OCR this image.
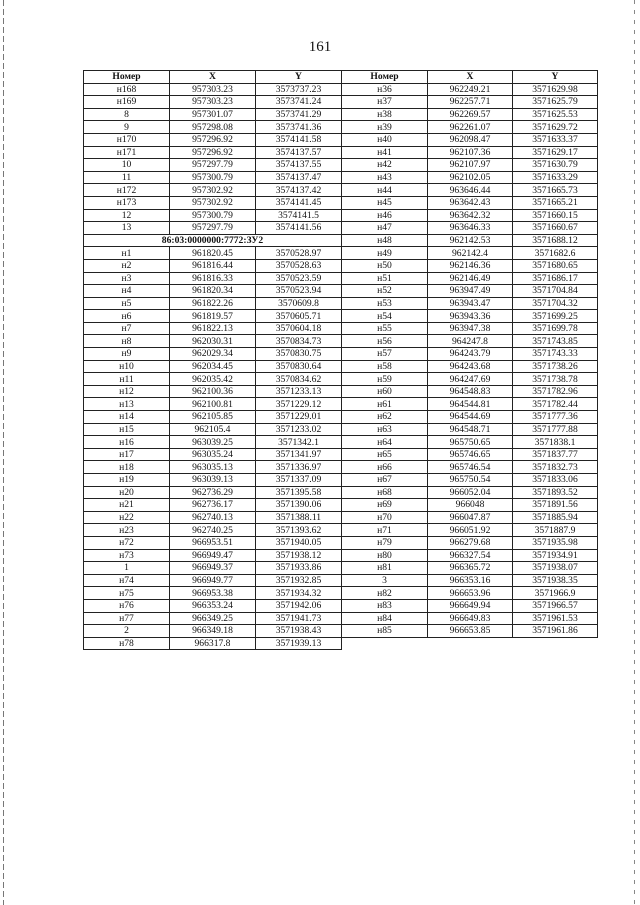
161
Номер	X	Y	Номер	X	Y
н168	957303.23	3573737.23	н36	962249.21	3571629.98
н169	957303.23	3573741.24	н37	962257.71	3571625.79
8	957301.07	3573741.29	н38	962269.57	3571625.53
9	957298.08	3573741.36	н39	962261.07	3571629.72
н170	957296.92	3574141.58	н40	962098.47	3571633.37
н171	957296.92	3574137.57	н41	962107.36	3571629.17
10	957297.79	3574137.55	н42	962107.97	3571630.79
11	957300.79	3574137.47	н43	962102.05	3571633.29
н172	957302.92	3574137.42	н44	963646.44	3571665.73
н173	957302.92	3574141.45	н45	963642.43	3571665.21
12	957300.79	3574141.5	н46	963642.32	3571660.15
13	957297.79	3574141.56	н47	963646.33	3571660.67
86:03:0000000:7772:ЗУ2			н48	962142.53	3571688.12
н1	961820.45	3570528.97	н49	962142.4	3571682.6
н2	961816.44	3570528.63	н50	962146.36	3571680.65
н3	961816.33	3570523.59	н51	962146.49	3571686.17
н4	961820.34	3570523.94	н52	963947.49	3571704.84
н5	961822.26	3570609.8	н53	963943.47	3571704.32
н6	961819.57	3570605.71	н54	963943.36	3571699.25
н7	961822.13	3570604.18	н55	963947.38	3571699.78
н8	962030.31	3570834.73	н56	964247.8	3571743.85
н9	962029.34	3570830.75	н57	964243.79	3571743.33
н10	962034.45	3570830.64	н58	964243.68	3571738.26
н11	962035.42	3570834.62	н59	964247.69	3571738.78
н12	962100.36	3571233.13	н60	964548.83	3571782.96
н13	962100.81	3571229.12	н61	964544.81	3571782.44
н14	962105.85	3571229.01	н62	964544.69	3571777.36
н15	962105.4	3571233.02	н63	964548.71	3571777.88
н16	963039.25	3571342.1	н64	965750.65	3571838.1
н17	963035.24	3571341.97	н65	965746.65	3571837.77
н18	963035.13	3571336.97	н66	965746.54	3571832.73
н19	963039.13	3571337.09	н67	965750.54	3571833.06
н20	962736.29	3571395.58	н68	966052.04	3571893.52
н21	962736.17	3571390.06	н69	966048	3571891.56
н22	962740.13	3571388.11	н70	966047.87	3571885.94
н23	962740.25	3571393.62	н71	966051.92	3571887.9
н72	966953.51	3571940.05	н79	966279.68	3571935.98
н73	966949.47	3571938.12	н80	966327.54	3571934.91
1	966949.37	3571933.86	н81	966365.72	3571938.07
н74	966949.77	3571932.85	3	966353.16	3571938.35
н75	966953.38	3571934.32	н82	966653.96	3571966.9
н76	966353.24	3571942.06	н83	966649.94	3571966.57
н77	966349.25	3571941.73	н84	966649.83	3571961.53
2	966349.18	3571938.43	н85	966653.85	3571961.86
н78	966317.8	3571939.13			
